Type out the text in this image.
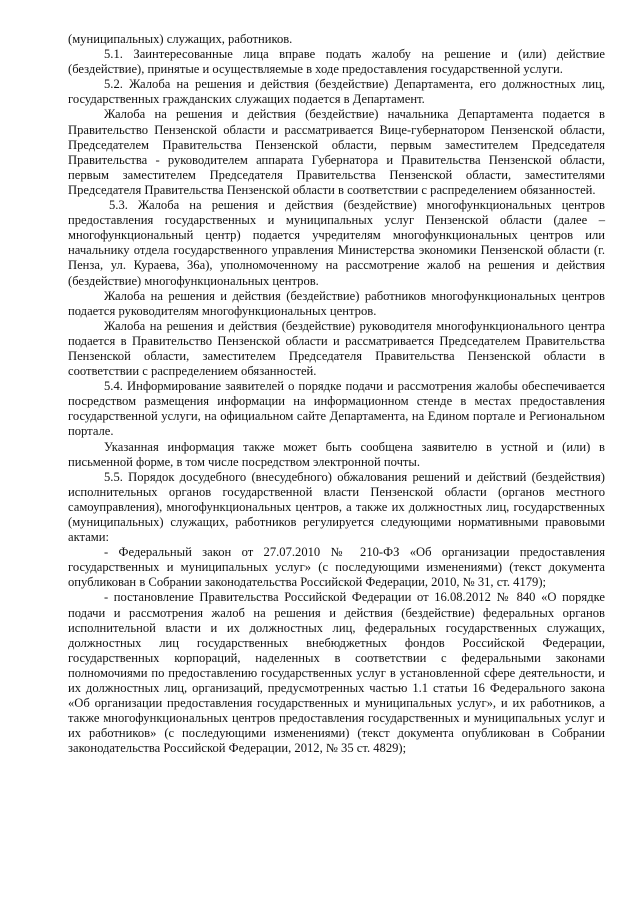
(муниципальных) служащих, работников.

5.1. Заинтересованные лица вправе подать жалобу на решение и (или) действие (бездействие), принятые и осуществляемые в ходе предоставления государственной услуги.

5.2. Жалоба на решения и действия (бездействие) Департамента, его должностных лиц, государственных гражданских служащих подается в Департамент.

Жалоба на решения и действия (бездействие) начальника Департамента подается в Правительство Пензенской области и рассматривается Вице-губернатором Пензенской области, Председателем Правительства Пензенской области, первым заместителем Председателя Правительства - руководителем аппарата Губернатора и Правительства Пензенской области, первым заместителем Председателя Правительства Пензенской области, заместителями Председателя Правительства Пензенской области в соответствии с распределением обязанностей.

5.3. Жалоба на решения и действия (бездействие) многофункциональных центров предоставления государственных и муниципальных услуг Пензенской области (далее – многофункциональный центр) подается учредителям многофункциональных центров или начальнику отдела государственного управления Министерства экономики Пензенской области (г. Пенза, ул. Кураева, 36а), уполномоченному на рассмотрение жалоб на решения и действия (бездействие) многофункциональных центров.

Жалоба на решения и действия (бездействие) работников многофункциональных центров подается руководителям многофункциональных центров.

Жалоба на решения и действия (бездействие) руководителя многофункционального центра подается в Правительство Пензенской области и рассматривается Председателем Правительства Пензенской области, заместителем Председателя Правительства Пензенской области в соответствии с распределением обязанностей.

5.4. Информирование заявителей о порядке подачи и рассмотрения жалобы обеспечивается посредством размещения информации на информационном стенде в местах предоставления государственной услуги, на официальном сайте Департамента, на Едином портале и Региональном портале.

Указанная информация также может быть сообщена заявителю в устной и (или) в письменной форме, в том числе посредством электронной почты.

5.5. Порядок досудебного (внесудебного) обжалования решений и действий (бездействия) исполнительных органов государственной власти Пензенской области (органов местного самоуправления), многофункциональных центров, а также их должностных лиц, государственных (муниципальных) служащих, работников регулируется следующими нормативными правовыми актами:

- Федеральный закон от 27.07.2010 № 210-ФЗ «Об организации предоставления государственных и муниципальных услуг» (с последующими изменениями) (текст документа опубликован в Собрании законодательства Российской Федерации, 2010, № 31, ст. 4179);

- постановление Правительства Российской Федерации от 16.08.2012 № 840 «О порядке подачи и рассмотрения жалоб на решения и действия (бездействие) федеральных органов исполнительной власти и их должностных лиц, федеральных государственных служащих, должностных лиц государственных внебюджетных фондов Российской Федерации, государственных корпораций, наделенных в соответствии с федеральными законами полномочиями по предоставлению государственных услуг в установленной сфере деятельности, и их должностных лиц, организаций, предусмотренных частью 1.1 статьи 16 Федерального закона «Об организации предоставления государственных и муниципальных услуг», и их работников, а также многофункциональных центров предоставления государственных и муниципальных услуг и их работников» (с последующими изменениями) (текст документа опубликован в Собрании законодательства Российской Федерации, 2012, № 35 ст. 4829);
